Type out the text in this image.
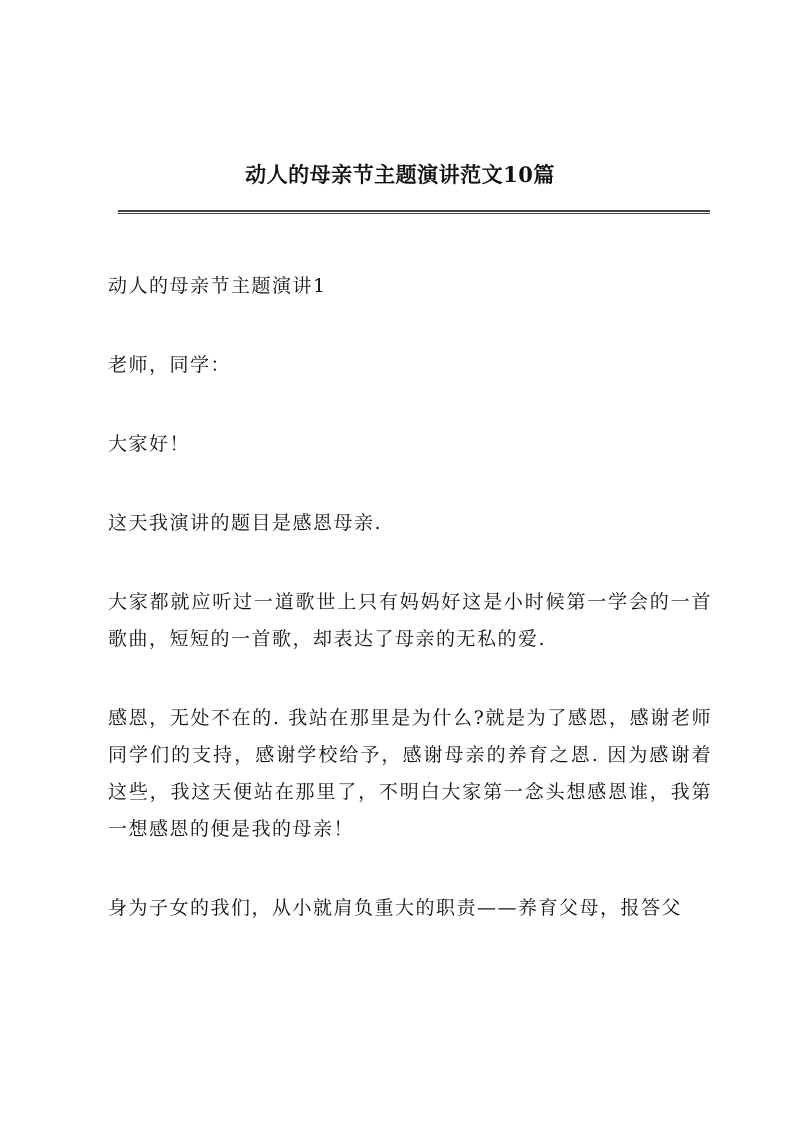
动人的母亲节主题演讲范文10篇

动人的母亲节主题演讲1

老师，同学：

大家好！

这天我演讲的题目是感恩母亲.

大家都就应听过一道歌世上只有妈妈好这是小时候第一学会的一首歌曲，短短的一首歌，却表达了母亲的无私的爱.

感恩，无处不在的. 我站在那里是为什么?就是为了感恩，感谢老师同学们的支持，感谢学校给予，感谢母亲的养育之恩. 因为感谢着这些，我这天便站在那里了，不明白大家第一念头想感恩谁，我第一想感恩的便是我的母亲！

身为子女的我们，从小就肩负重大的职责——养育父母，报答父
